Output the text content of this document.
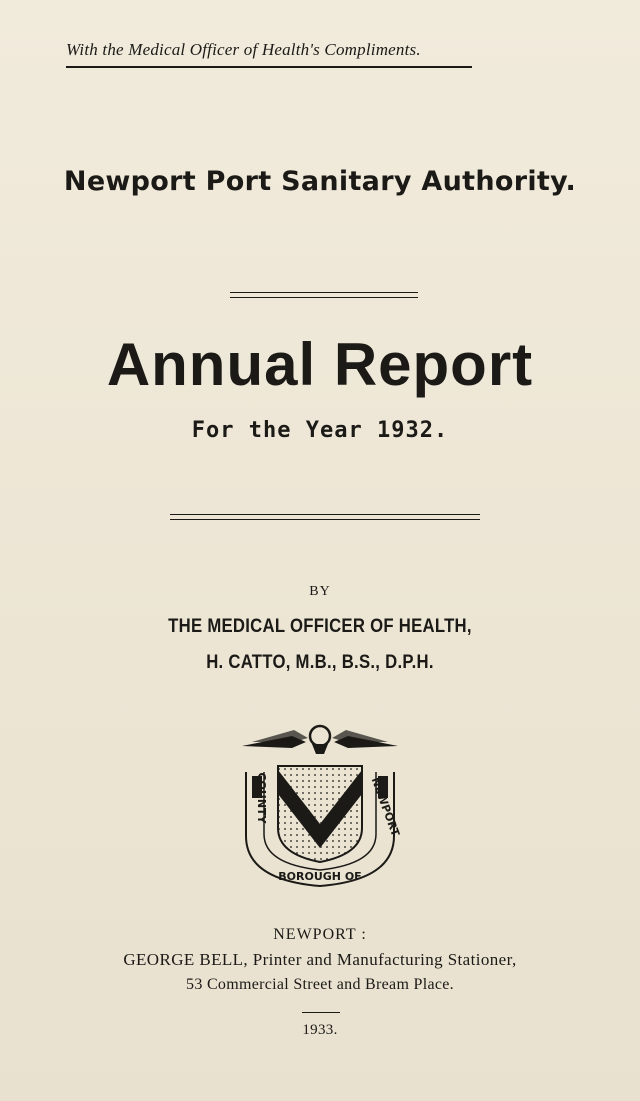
With the Medical Officer of Health's Compliments.
Newport Port Sanitary Authority.
Annual Report
For the Year 1932.
BY
THE MEDICAL OFFICER OF HEALTH,
H. CATTO, M.B., B.S., D.P.H.
COUNTY	NEWPORT
BOROUGH OF
NEWPORT :
GEORGE BELL, Printer and Manufacturing Stationer,
53 Commercial Street and Bream Place.
1933.
